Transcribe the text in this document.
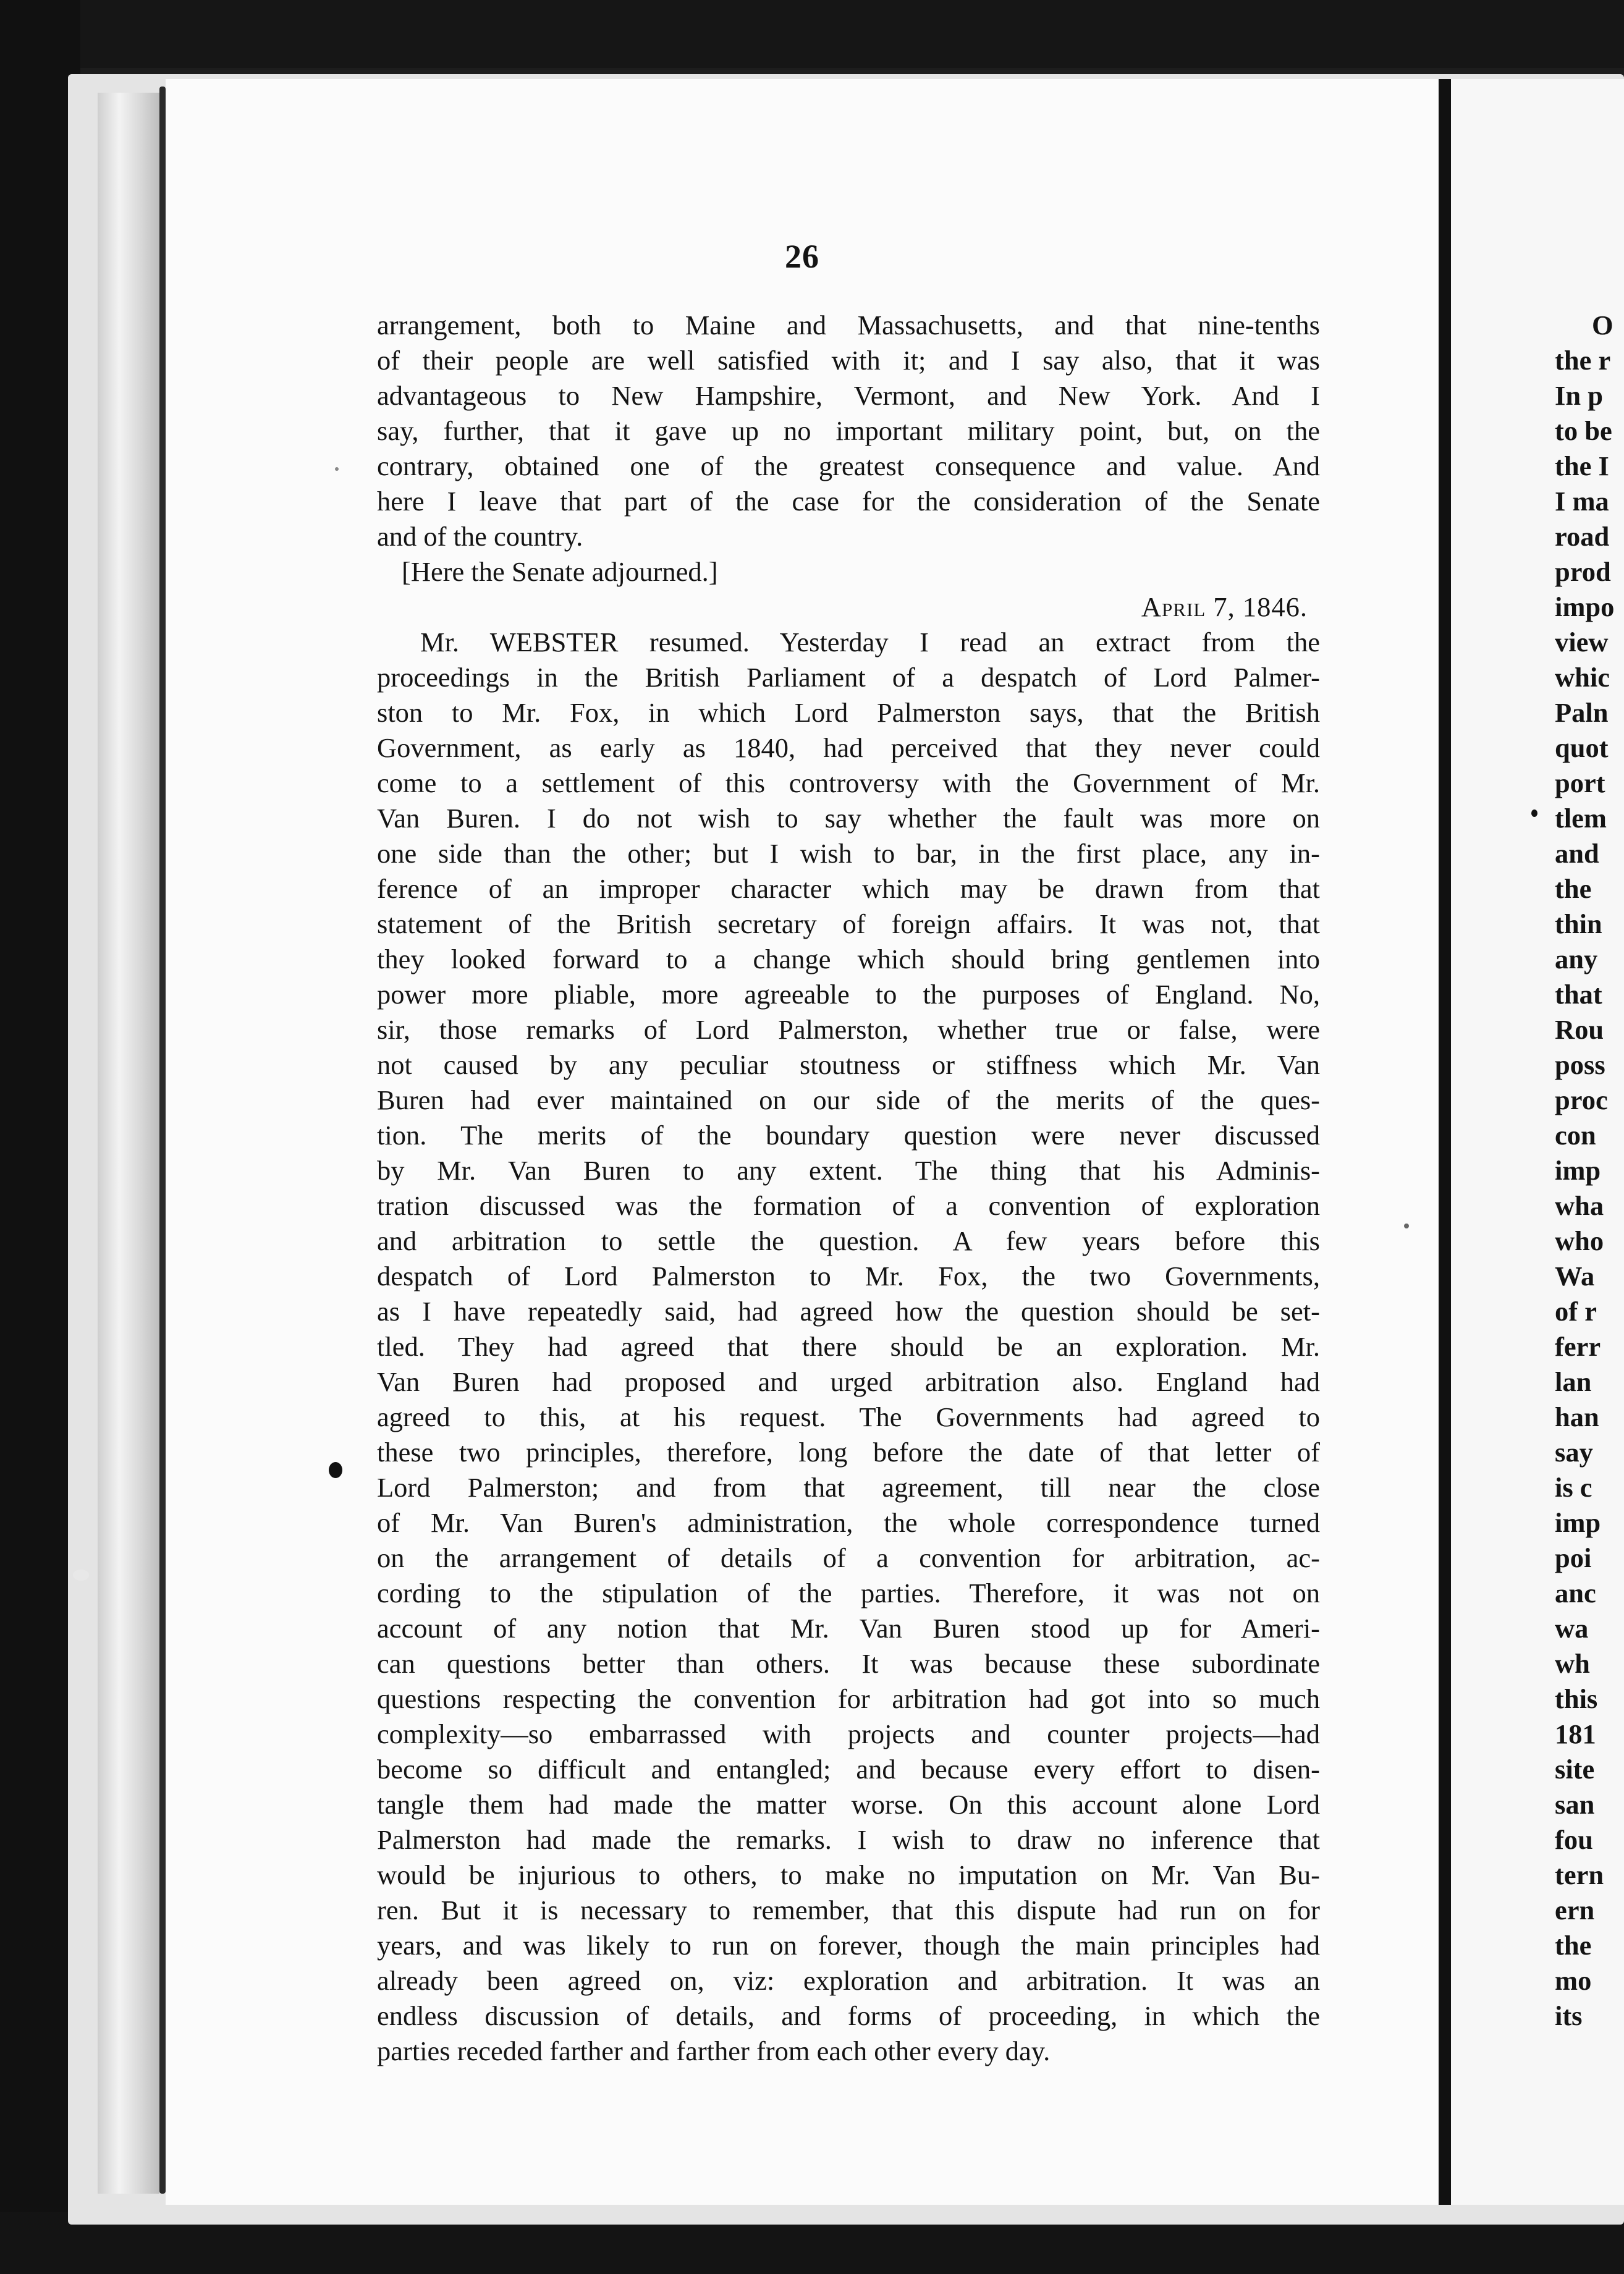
26
arrangement, both to Maine and Massachusetts, and that nine-tenths
of their people are well satisfied with it; and I say also, that it was
advantageous to New Hampshire, Vermont, and New York. And I
say, further, that it gave up no important military point, but, on the
contrary, obtained one of the greatest consequence and value. And
here I leave that part of the case for the consideration of the Senate
and of the country.
[Here the Senate adjourned.]
April 7, 1846.
Mr. WEBSTER resumed. Yesterday I read an extract from the
proceedings in the British Parliament of a despatch of Lord Palmer-
ston to Mr. Fox, in which Lord Palmerston says, that the British
Government, as early as 1840, had perceived that they never could
come to a settlement of this controversy with the Government of Mr.
Van Buren. I do not wish to say whether the fault was more on
one side than the other; but I wish to bar, in the first place, any in-
ference of an improper character which may be drawn from that
statement of the British secretary of foreign affairs. It was not, that
they looked forward to a change which should bring gentlemen into
power more pliable, more agreeable to the purposes of England. No,
sir, those remarks of Lord Palmerston, whether true or false, were
not caused by any peculiar stoutness or stiffness which Mr. Van
Buren had ever maintained on our side of the merits of the ques-
tion. The merits of the boundary question were never discussed
by Mr. Van Buren to any extent. The thing that his Adminis-
tration discussed was the formation of a convention of exploration
and arbitration to settle the question. A few years before this
despatch of Lord Palmerston to Mr. Fox, the two Governments,
as I have repeatedly said, had agreed how the question should be set-
tled. They had agreed that there should be an exploration. Mr.
Van Buren had proposed and urged arbitration also. England had
agreed to this, at his request. The Governments had agreed to
these two principles, therefore, long before the date of that letter of
Lord Palmerston; and from that agreement, till near the close
of Mr. Van Buren's administration, the whole correspondence turned
on the arrangement of details of a convention for arbitration, ac-
cording to the stipulation of the parties. Therefore, it was not on
account of any notion that Mr. Van Buren stood up for Ameri-
can questions better than others. It was because these subordinate
questions respecting the convention for arbitration had got into so much
complexity—so embarrassed with projects and counter projects—had
become so difficult and entangled; and because every effort to disen-
tangle them had made the matter worse. On this account alone Lord
Palmerston had made the remarks. I wish to draw no inference that
would be injurious to others, to make no imputation on Mr. Van Bu-
ren. But it is necessary to remember, that this dispute had run on for
years, and was likely to run on forever, though the main principles had
already been agreed on, viz: exploration and arbitration. It was an
endless discussion of details, and forms of proceeding, in which the
parties receded farther and farther from each other every day.
O
the r
In p
to be
the I
I ma
road
prod
impo
view
whic
Paln
quot
port
tlem
and
the
thin
any
that
Rou
poss
proc
con
imp
wha
who
Wa
of r
ferr
lan
han
say
is c
imp
poi
anc
wa
wh
this
181
site
san
fou
tern
ern
the
mo
its
